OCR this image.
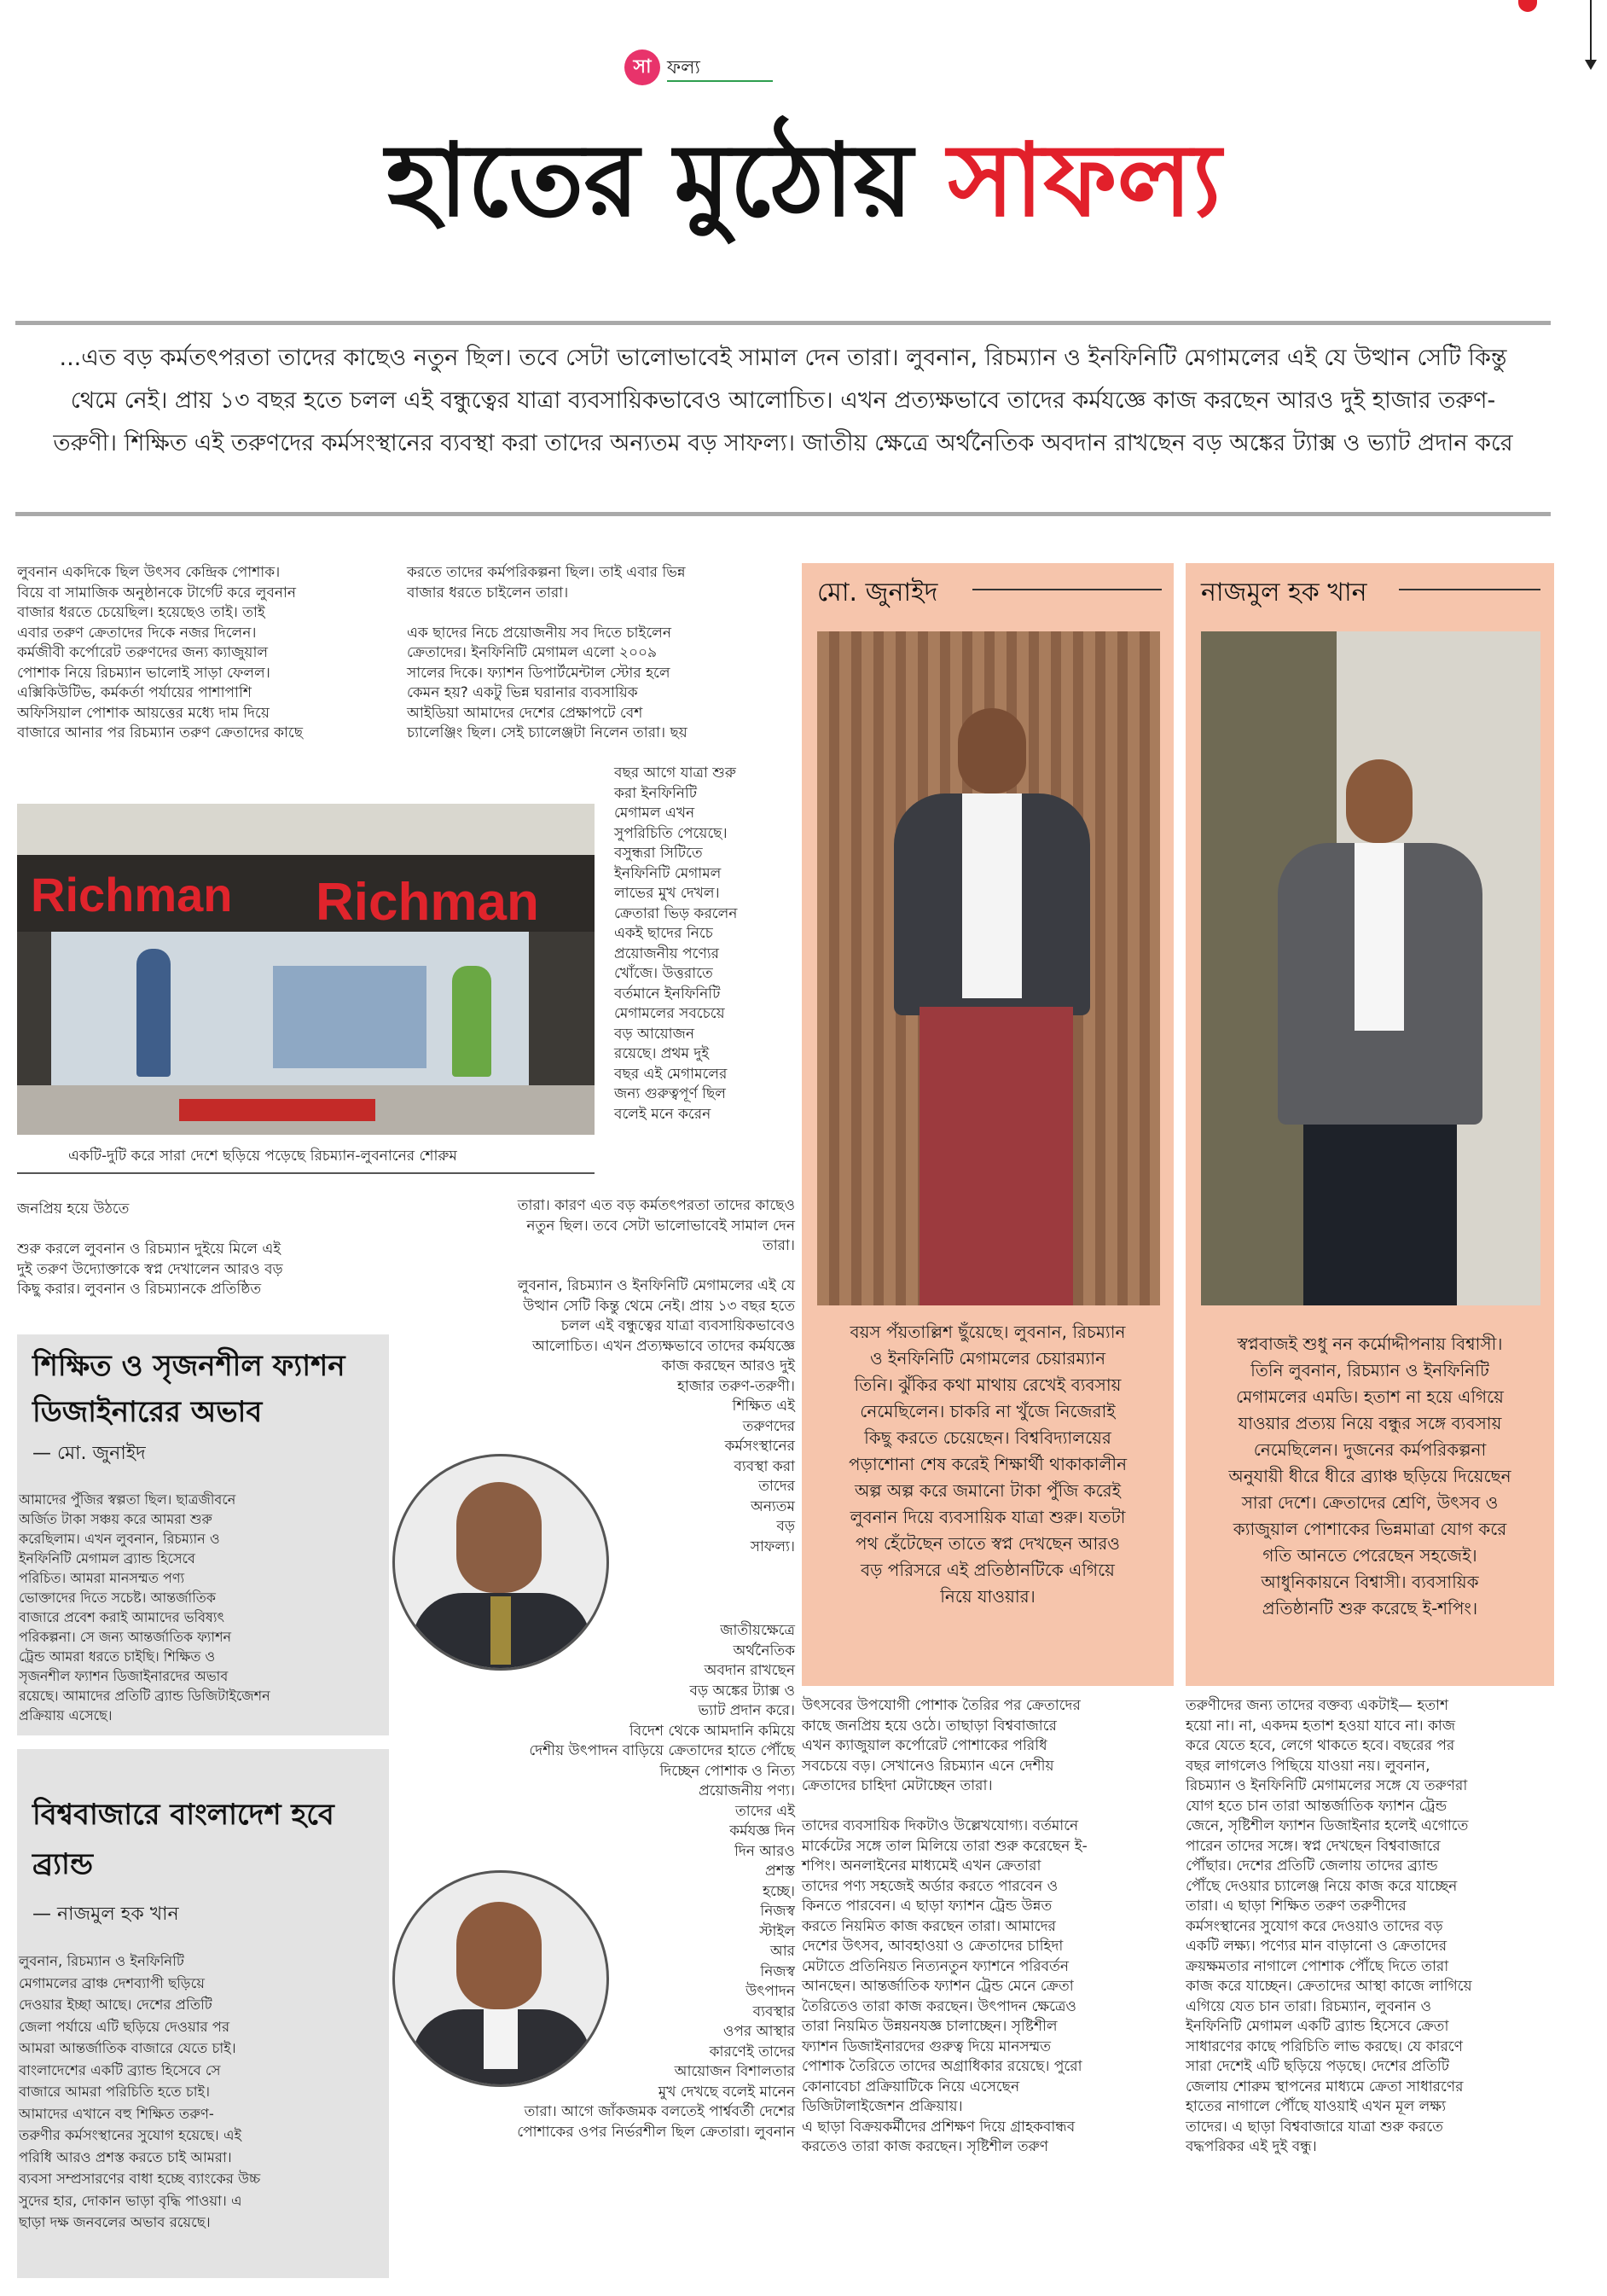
সা ফল্য
হাতের মুঠোয় সাফল্য
...এত বড় কর্মতৎপরতা তাদের কাছেও নতুন ছিল। তবে সেটা ভালোভাবেই সামাল দেন তারা। লুবনান, রিচম্যান ও ইনফিনিটি মেগামলের এই যে উত্থান সেটি কিন্তু থেমে নেই। প্রায় ১৩ বছর হতে চলল এই বন্ধুত্বের যাত্রা ব্যবসায়িকভাবেও আলোচিত। এখন প্রত্যক্ষভাবে তাদের কর্মযজ্ঞে কাজ করছেন আরও দুই হাজার তরুণ-তরুণী। শিক্ষিত এই তরুণদের কর্মসংস্থানের ব্যবস্থা করা তাদের অন্যতম বড় সাফল্য। জাতীয় ক্ষেত্রে অর্থনৈতিক অবদান রাখছেন বড় অঙ্কের ট্যাক্স ও ভ্যাট প্রদান করে
লুবনান একদিকে ছিল উৎসব কেন্দ্রিক পোশাক।
বিয়ে বা সামাজিক অনুষ্ঠানকে টার্গেট করে লুবনান
বাজার ধরতে চেয়েছিল। হয়েছেও তাই। তাই
এবার তরুণ ক্রেতাদের দিকে নজর দিলেন।
কর্মজীবী কর্পোরেট তরুণদের জন্য ক্যাজুয়াল
পোশাক নিয়ে রিচম্যান ভালোই সাড়া ফেলল।
এক্সিকিউটিভ, কর্মকর্তা পর্যায়ের পাশাপাশি
অফিসিয়াল পোশাক আয়ত্তের মধ্যে দাম দিয়ে
বাজারে আনার পর রিচম্যান তরুণ ক্রেতাদের কাছে
Richman Richman
একটি-দুটি করে সারা দেশে ছড়িয়ে পড়েছে রিচম্যান-লুবনানের শোরুম
জনপ্রিয় হয়ে উঠতে

শুরু করলে লুবনান ও রিচম্যান দুইয়ে মিলে এই
দুই তরুণ উদ্যোক্তাকে স্বপ্ন দেখালেন আরও বড়
কিছু করার। লুবনান ও রিচম্যানকে প্রতিষ্ঠিত
করতে তাদের কর্মপরিকল্পনা ছিল। তাই এবার ভিন্ন
বাজার ধরতে চাইলেন তারা।

এক ছাদের নিচে প্রয়োজনীয় সব দিতে চাইলেন
ক্রেতাদের। ইনফিনিটি মেগামল এলো ২০০৯
সালের দিকে। ফ্যাশন ডিপার্টমেন্টাল স্টোর হলে
কেমন হয়? একটু ভিন্ন ঘরানার ব্যবসায়িক
আইডিয়া আমাদের দেশের প্রেক্ষাপটে বেশ
চ্যালেঞ্জিং ছিল। সেই চ্যালেঞ্জটা নিলেন তারা। ছয়
বছর আগে যাত্রা শুরু
করা ইনফিনিটি
মেগামল এখন
সুপরিচিতি পেয়েছে।
বসুন্ধরা সিটিতে
ইনফিনিটি মেগামল
লাভের মুখ দেখল।
ক্রেতারা ভিড় করলেন
একই ছাদের নিচে
প্রয়োজনীয় পণ্যের
খোঁজে। উত্তরাতে
বর্তমানে ইনফিনিটি
মেগামলের সবচেয়ে
বড় আয়োজন
রয়েছে। প্রথম দুই
বছর এই মেগামলের
জন্য গুরুত্বপূর্ণ ছিল
বলেই মনে করেন
তারা। কারণ এত বড় কর্মতৎপরতা তাদের কাছেও
নতুন ছিল। তবে সেটা ভালোভাবেই সামাল দেন
তারা।

লুবনান, রিচম্যান ও ইনফিনিটি মেগামলের এই যে
উত্থান সেটি কিন্তু থেমে নেই। প্রায় ১৩ বছর হতে
চলল এই বন্ধুত্বের যাত্রা ব্যবসায়িকভাবেও
আলোচিত। এখন প্রত্যক্ষভাবে তাদের কর্মযজ্ঞে
কাজ করছেন আরও দুই
হাজার তরুণ-তরুণী।
শিক্ষিত এই
তরুণদের
কর্মসংস্থানের
ব্যবস্থা করা
তাদের
অন্যতম
বড়
সাফল্য।
জাতীয়ক্ষেত্রে
অর্থনৈতিক
অবদান রাখছেন
বড় অঙ্কের ট্যাক্স ও
ভ্যাট প্রদান করে।
বিদেশ থেকে আমদানি কমিয়ে
দেশীয় উৎপাদন বাড়িয়ে ক্রেতাদের হাতে পৌঁছে
দিচ্ছেন পোশাক ও নিত্য
প্রয়োজনীয় পণ্য।
তাদের এই
কর্মযজ্ঞ দিন
দিন আরও
প্রশস্ত
হচ্ছে।
নিজস্ব
স্টাইল
আর
নিজস্ব
উৎপাদন
ব্যবস্থার
ওপর আস্থার
কারণেই তাদের
আয়োজন বিশালতার
মুখ দেখছে বলেই মানেন
তারা। আগে জাঁকজমক বলতেই পার্শ্ববর্তী দেশের
পোশাকের ওপর নির্ভরশীল ছিল ক্রেতারা। লুবনান
শিক্ষিত ও সৃজনশীল ফ্যাশন ডিজাইনারের অভাব
— মো. জুনাইদ
আমাদের পুঁজির স্বল্পতা ছিল। ছাত্রজীবনে
অর্জিত টাকা সঞ্চয় করে আমরা শুরু
করেছিলাম। এখন লুবনান, রিচম্যান ও
ইনফিনিটি মেগামল ব্র্যান্ড হিসেবে
পরিচিত। আমরা মানসম্মত পণ্য
ভোক্তাদের দিতে সচেষ্ট। আন্তর্জাতিক
বাজারে প্রবেশ করাই আমাদের ভবিষ্যৎ
পরিকল্পনা। সে জন্য আন্তর্জাতিক ফ্যাশন
ট্রেন্ড আমরা ধরতে চাইছি। শিক্ষিত ও
সৃজনশীল ফ্যাশন ডিজাইনারদের অভাব
রয়েছে। আমাদের প্রতিটি ব্র্যান্ড ডিজিটাইজেশন
প্রক্রিয়ায় এসেছে।
বিশ্ববাজারে বাংলাদেশ হবে ব্র্যান্ড
— নাজমুল হক খান
লুবনান, রিচম্যান ও ইনফিনিটি
মেগামলের ব্রাঞ্চ দেশব্যাপী ছড়িয়ে
দেওয়ার ইচ্ছা আছে। দেশের প্রতিটি
জেলা পর্যায়ে এটি ছড়িয়ে দেওয়ার পর
আমরা আন্তর্জাতিক বাজারে যেতে চাই।
বাংলাদেশের একটি ব্র্যান্ড হিসেবে সে
বাজারে আমরা পরিচিতি হতে চাই।
আমাদের এখানে বহু শিক্ষিত তরুণ-
তরুণীর কর্মসংস্থানের সুযোগ হয়েছে। এই
পরিধি আরও প্রশস্ত করতে চাই আমরা।
ব্যবসা সম্প্রসারণের বাধা হচ্ছে ব্যাংকের উচ্চ
সুদের হার, দোকান ভাড়া বৃদ্ধি পাওয়া। এ
ছাড়া দক্ষ জনবলের অভাব রয়েছে।
মো. জুনাইদ
বয়স পঁয়তাল্লিশ ছুঁয়েছে। লুবনান, রিচম্যান
ও ইনফিনিটি মেগামলের চেয়ারম্যান
তিনি। ঝুঁকির কথা মাথায় রেখেই ব্যবসায়
নেমেছিলেন। চাকরি না খুঁজে নিজেরাই
কিছু করতে চেয়েছেন। বিশ্ববিদ্যালয়ের
পড়াশোনা শেষ করেই শিক্ষার্থী থাকাকালীন
অল্প অল্প করে জমানো টাকা পুঁজি করেই
লুবনান দিয়ে ব্যবসায়িক যাত্রা শুরু। যতটা
পথ হেঁটেছেন তাতে স্বপ্ন দেখছেন আরও
বড় পরিসরে এই প্রতিষ্ঠানটিকে এগিয়ে
নিয়ে যাওয়ার।
নাজমুল হক খান
স্বপ্নবাজই শুধু নন কর্মোদ্দীপনায় বিশ্বাসী।
তিনি লুবনান, রিচম্যান ও ইনফিনিটি
মেগামলের এমডি। হতাশ না হয়ে এগিয়ে
যাওয়ার প্রত্যয় নিয়ে বন্ধুর সঙ্গে ব্যবসায়
নেমেছিলেন। দুজনের কর্মপরিকল্পনা
অনুযায়ী ধীরে ধীরে ব্র্যাঞ্চ ছড়িয়ে দিয়েছেন
সারা দেশে। ক্রেতাদের শ্রেণি, উৎসব ও
ক্যাজুয়াল পোশাকের ভিন্নমাত্রা যোগ করে
গতি আনতে পেরেছেন সহজেই।
আধুনিকায়নে বিশ্বাসী। ব্যবসায়িক
প্রতিষ্ঠানটি শুরু করেছে ই-শপিং।
উৎসবের উপযোগী পোশাক তৈরির পর ক্রেতাদের
কাছে জনপ্রিয় হয়ে ওঠে। তাছাড়া বিশ্ববাজারে
এখন ক্যাজুয়াল কর্পোরেট পোশাকের পরিধি
সবচেয়ে বড়। সেখানেও রিচম্যান এনে দেশীয়
ক্রেতাদের চাহিদা মেটাচ্ছেন তারা।

তাদের ব্যবসায়িক দিকটাও উল্লেখযোগ্য। বর্তমানে
মার্কেটের সঙ্গে তাল মিলিয়ে তারা শুরু করেছেন ই-
শপিং। অনলাইনের মাধ্যমেই এখন ক্রেতারা
তাদের পণ্য সহজেই অর্ডার করতে পারবেন ও
কিনতে পারবেন। এ ছাড়া ফ্যাশন ট্রেন্ড উন্নত
করতে নিয়মিত কাজ করছেন তারা। আমাদের
দেশের উৎসব, আবহাওয়া ও ক্রেতাদের চাহিদা
মেটাতে প্রতিনিয়ত নিত্যনতুন ফ্যাশনে পরিবর্তন
আনছেন। আন্তর্জাতিক ফ্যাশন ট্রেন্ড মেনে ক্রেতা
তৈরিতেও তারা কাজ করছেন। উৎপাদন ক্ষেত্রেও
তারা নিয়মিত উন্নয়নযজ্ঞ চালাচ্ছেন। সৃষ্টিশীল
ফ্যাশন ডিজাইনারদের গুরুত্ব দিয়ে মানসম্মত
পোশাক তৈরিতে তাদের অগ্রাধিকার রয়েছে। পুরো
কোনাবেচা প্রক্রিয়াটিকে নিয়ে এসেছেন
ডিজিটালাইজেশন প্রক্রিয়ায়।
এ ছাড়া বিক্রয়কর্মীদের প্রশিক্ষণ দিয়ে গ্রাহকবান্ধব
করতেও তারা কাজ করছেন। সৃষ্টিশীল তরুণ
তরুণীদের জন্য তাদের বক্তব্য একটাই— হতাশ
হয়ো না। না, একদম হতাশ হওয়া যাবে না। কাজ
করে যেতে হবে, লেগে থাকতে হবে। বছরের পর
বছর লাগলেও পিছিয়ে যাওয়া নয়। লুবনান,
রিচম্যান ও ইনফিনিটি মেগামলের সঙ্গে যে তরুণরা
যোগ হতে চান তারা আন্তর্জাতিক ফ্যাশন ট্রেন্ড
জেনে, সৃষ্টিশীল ফ্যাশন ডিজাইনার হলেই এগোতে
পারেন তাদের সঙ্গে। স্বপ্ন দেখছেন বিশ্ববাজারে
পৌঁছার। দেশের প্রতিটি জেলায় তাদের ব্র্যান্ড
পৌঁছে দেওয়ার চ্যালেঞ্জ নিয়ে কাজ করে যাচ্ছেন
তারা। এ ছাড়া শিক্ষিত তরুণ তরুণীদের
কর্মসংস্থানের সুযোগ করে দেওয়াও তাদের বড়
একটি লক্ষ্য। পণ্যের মান বাড়ানো ও ক্রেতাদের
ক্রয়ক্ষমতার নাগালে পোশাক পৌঁছে দিতে তারা
কাজ করে যাচ্ছেন। ক্রেতাদের আস্থা কাজে লাগিয়ে
এগিয়ে যেত চান তারা। রিচম্যান, লুবনান ও
ইনফিনিটি মেগামল একটি ব্র্যান্ড হিসেবে ক্রেতা
সাধারণের কাছে পরিচিতি লাভ করছে। যে কারণে
সারা দেশেই এটি ছড়িয়ে পড়ছে। দেশের প্রতিটি
জেলায় শোরুম স্থাপনের মাধ্যমে ক্রেতা সাধারণের
হাতের নাগালে পৌঁছে যাওয়াই এখন মূল লক্ষ্য
তাদের। এ ছাড়া বিশ্ববাজারে যাত্রা শুরু করতে
বদ্ধপরিকর এই দুই বন্ধু।
